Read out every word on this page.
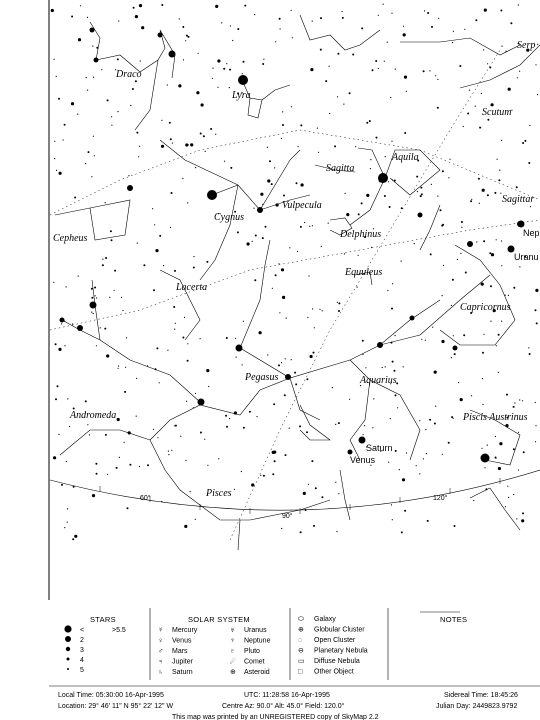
Draco
Lyra
Sagitta
Aquila
Scutum
Serp
Cygnus
Vulpecula
Sagittar
Cepheus	Delphinus
Equuleus
Lacerta
Capricornus
Pegasus	Aquarius
Andromeda	Piscis Austrinus
Pisces
Saturn
Venus
Nep
Uranu
60°
90°
120°
STARS
<	>5.5
2
3
4
5
SOLAR SYSTEM
☿ Mercury
♀ Venus
♂ Mars
♃ Jupiter
♄ Saturn
♅ Uranus
♆ Neptune
♇ Pluto
☄ Comet
⊕ Asteroid
⬭ Galaxy
⊕ Globular Cluster
◌ Open Cluster
⊖ Planetary Nebula
▭ Diffuse Nebula
□ Other Object
NOTES
Local Time: 05:30:00 16-Apr-1995	UTC: 11:28:58 16-Apr-1995	Sidereal Time: 18:45:26
Location: 29° 46' 11" N 95° 22' 12" W	Centre Az: 90.0° Alt: 45.0° Field: 120.0°	Julian Day: 2449823.9792
This map was printed by an UNREGISTERED copy of SkyMap 2.2
